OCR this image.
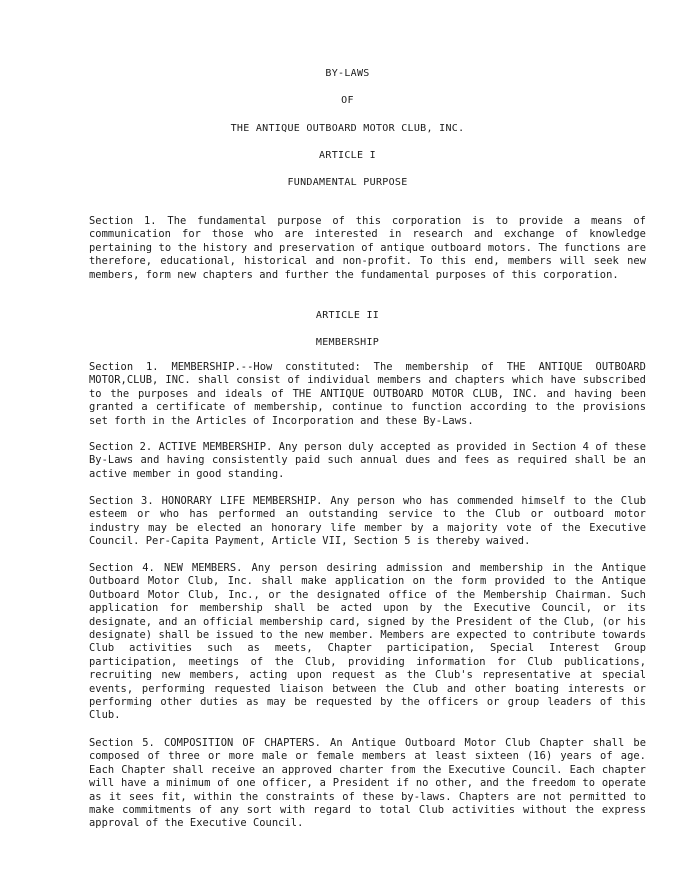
BY-LAWS
OF
THE ANTIQUE OUTBOARD MOTOR CLUB, INC.
ARTICLE I
FUNDAMENTAL PURPOSE
Section 1. The fundamental purpose of this corporation is to provide a means of communication for those who are interested in research and exchange of knowledge pertaining to the history and preservation of antique outboard motors. The functions are therefore, educational, historical and non-profit. To this end, members will seek new members, form new chapters and further the fundamental purposes of this corporation.
ARTICLE II
MEMBERSHIP
Section 1. MEMBERSHIP.--How constituted: The membership of THE ANTIQUE OUTBOARD MOTOR,CLUB, INC. shall consist of individual members and chapters which have subscribed to the purposes and ideals of THE ANTIQUE OUTBOARD MOTOR CLUB, INC. and having been granted a certificate of membership, continue to function according to the provisions set forth in the Articles of Incorporation and these By-Laws.
Section 2. ACTIVE MEMBERSHIP. Any person duly accepted as provided in Section 4 of these By-Laws and having consistently paid such annual dues and fees as required shall be an active member in good standing.
Section 3. HONORARY LIFE MEMBERSHIP. Any person who has commended himself to the Club esteem or who has performed an outstanding service to the Club or outboard motor industry may be elected an honorary life member by a majority vote of the Executive Council. Per-Capita Payment, Article VII, Section 5 is thereby waived.
Section 4. NEW MEMBERS. Any person desiring admission and membership in the Antique Outboard Motor Club, Inc. shall make application on the form provided to the Antique Outboard Motor Club, Inc., or the designated office of the Membership Chairman. Such application for membership shall be acted upon by the Executive Council, or its designate, and an official membership card, signed by the President of the Club, (or his designate) shall be issued to the new member. Members are expected to contribute towards Club activities such as meets, Chapter participation, Special Interest Group participation, meetings of the Club, providing information for Club publications, recruiting new members, acting upon request as the Club's representative at special events, performing requested liaison between the Club and other boating interests or performing other duties as may be requested by the officers or group leaders of this Club.
Section 5. COMPOSITION OF CHAPTERS. An Antique Outboard Motor Club Chapter shall be composed of three or more male or female members at least sixteen (16) years of age. Each Chapter shall receive an approved charter from the Executive Council. Each chapter will have a minimum of one officer, a President if no other, and the freedom to operate as it sees fit, within the constraints of these by-laws. Chapters are not permitted to make commitments of any sort with regard to total Club activities without the express approval of the Executive Council.
